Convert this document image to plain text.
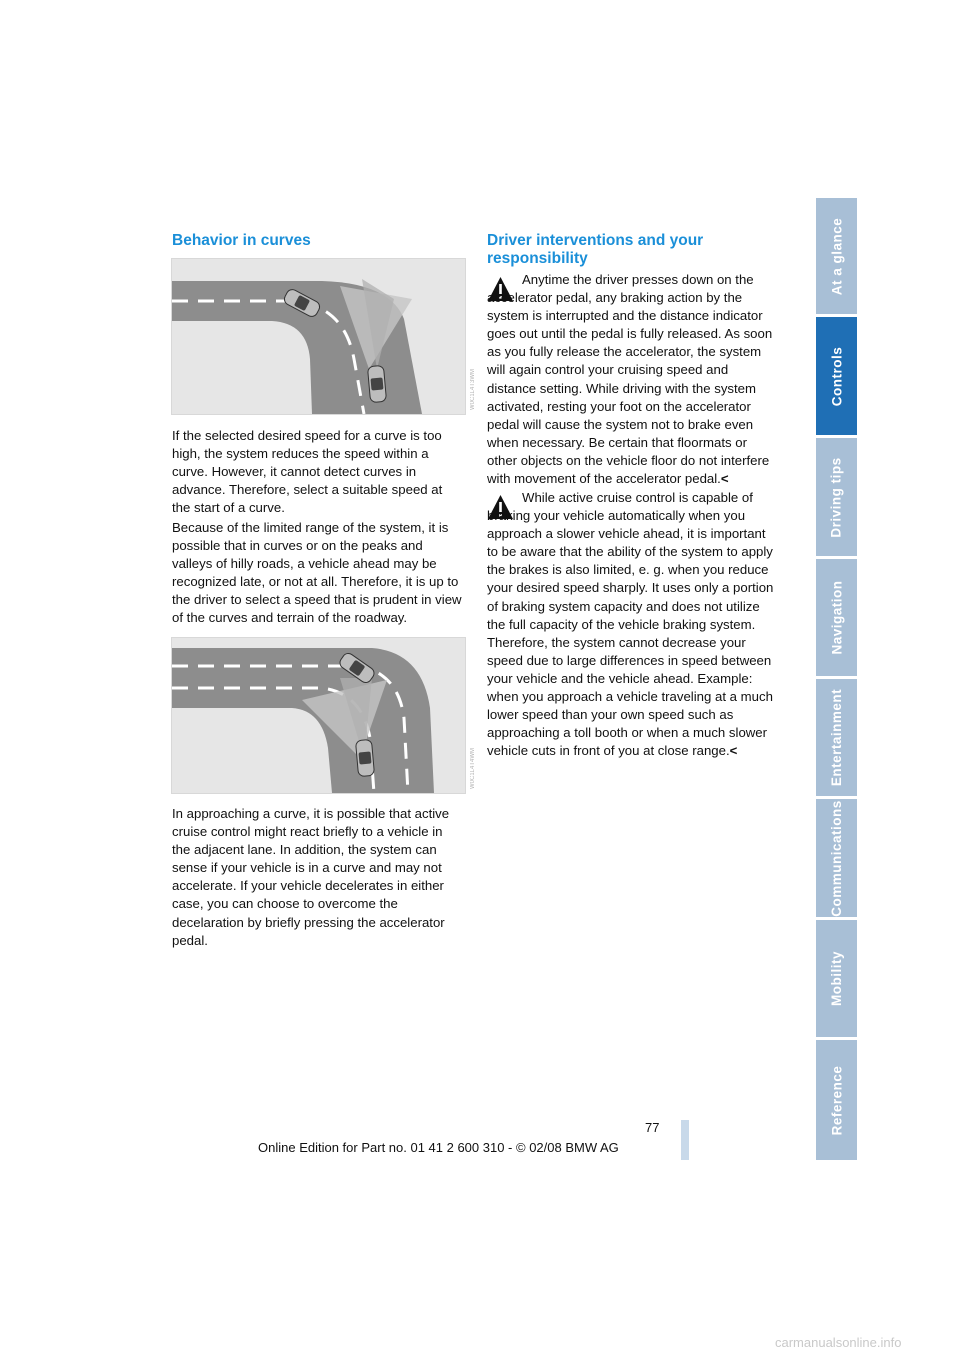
At a glance
Controls
Driving tips
Navigation
Entertainment
Communications
Mobility
Reference
Behavior in curves
W0C1L4T3WM

If the selected desired speed for a curve is too high, the system reduces the speed within a curve. However, it cannot detect curves in advance. Therefore, select a suitable speed at the start of a curve.

Because of the limited range of the system, it is possible that in curves or on the peaks and valleys of hilly roads, a vehicle ahead may be recognized late, or not at all. Therefore, it is up to the driver to select a speed that is prudent in view of the curves and terrain of the roadway.

W0C1L4T4WM

In approaching a curve, it is possible that active cruise control might react briefly to a vehicle in the adjacent lane. In addition, the system can sense if your vehicle is in a curve and may not accelerate. If your vehicle decelerates in either case, you can choose to overcome the decelaration by briefly pressing the accelerator pedal.

Driver interventions and your responsibility

Anytime the driver presses down on the accelerator pedal, any braking action by the system is interrupted and the distance indicator goes out until the pedal is fully released. As soon as you fully release the accelerator, the system will again control your cruising speed and distance setting. While driving with the system activated, resting your foot on the accelerator pedal will cause the system not to brake even when necessary. Be certain that floormats or other objects on the vehicle floor do not interfere with movement of the accelerator pedal.<

While active cruise control is capable of braking your vehicle automatically when you approach a slower vehicle ahead, it is important to be aware that the ability of the system to apply the brakes is also limited, e. g. when you reduce your desired speed sharply. It uses only a portion of braking system capacity and does not utilize the full capacity of the vehicle braking system. Therefore, the system cannot decrease your speed due to large differences in speed between your vehicle and the vehicle ahead. Example: when you approach a vehicle traveling at a much lower speed than your own speed such as approaching a toll booth or when a much slower vehicle cuts in front of you at close range.<

77
Online Edition for Part no. 01 41 2 600 310 - © 02/08 BMW AG
carmanualsonline.info
